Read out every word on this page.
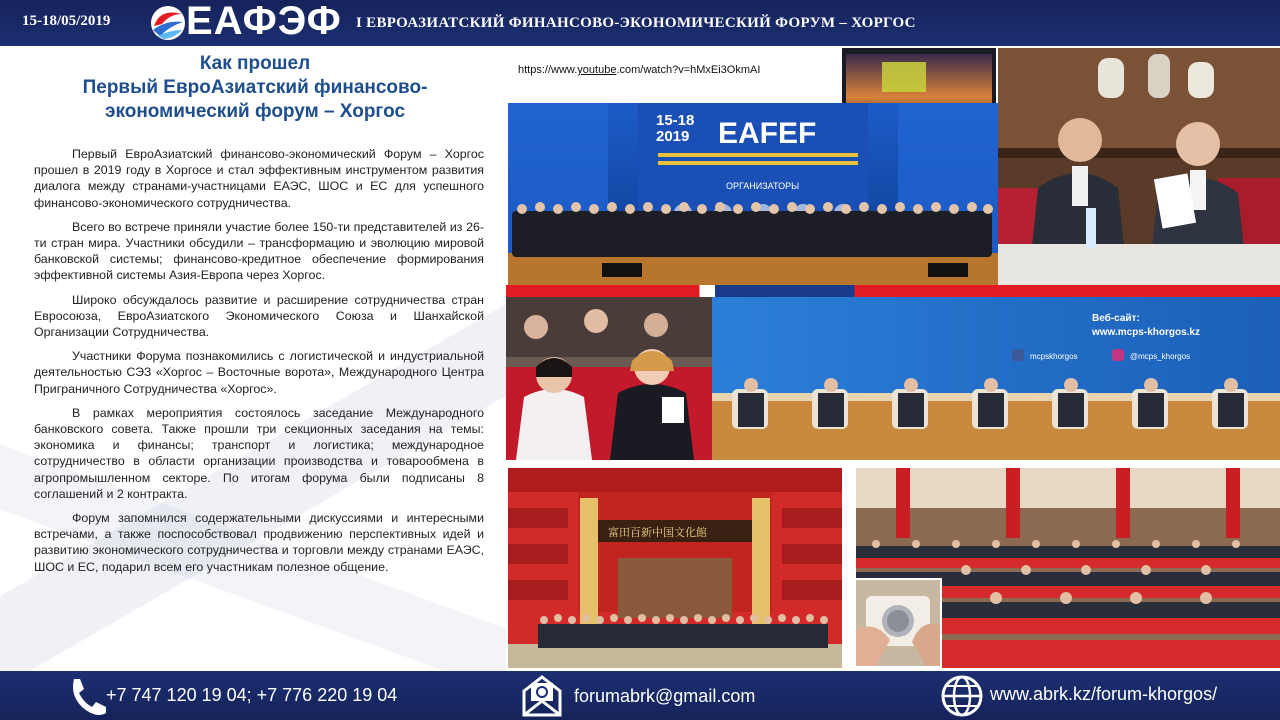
15-18/05/2019 ЕАФЭФ I ЕВРОАЗИАТСКИЙ ФИНАНСОВО-ЭКОНОМИЧЕСКИЙ ФОРУМ – ХОРГОС
Как прошел
Первый ЕвроАзиатский финансово-
экономический форум – Хоргос

Первый ЕвроАзиатский финансово-экономический Форум – Хоргос прошел в 2019 году в Хоргосе и стал эффективным инструментом развития диалога между странами-участницами ЕАЭС, ШОС и ЕС для успешного финансово-экономического сотрудничества.

Всего во встрече приняли участие более 150-ти представителей из 26-ти стран мира. Участники обсудили – трансформацию и эволюцию мировой банковской системы; финансово-кредитное обеспечение формирования эффективной системы Азия-Европа через Хоргос.

Широко обсуждалось развитие и расширение сотрудничества стран Евросоюза, ЕвроАзиатского Экономического Союза и Шанхайской Организации Сотрудничества.

Участники Форума познакомились с логистической и индустриальной деятельностью СЭЗ «Хоргос – Восточные ворота», Международного Центра Приграничного Сотрудничества «Хоргос».

В рамках мероприятия состоялось заседание Международного банковского совета. Также прошли три секционных заседания на темы: экономика и финансы; транспорт и логистика; международное сотрудничество в области организации производства и товарообмена в агропромышленном секторе. По итогам форума были подписаны 8 соглашений и 2 контракта.

Форум запомнился содержательными дискуссиями и интересными встречами, а также поспособствовал продвижению перспективных идей и развитию экономического сотрудничества и торговли между странами ЕАЭС, ШОС и ЕС, подарил всем его участникам полезное общение.

https://www.youtube.com/watch?v=hMxEi3OkmAI
15-18
2019 EAFEF
ОРГАНИЗАТОРЫ
Веб-сайт:
www.mcps-khorgos.kz
mcpskhorgos	@mcps_khorgos
富田百新中国文化館
+7 747 120 19 04; +7 776 220 19 04	forumabrk@gmail.com	www.abrk.kz/forum-khorgos/
